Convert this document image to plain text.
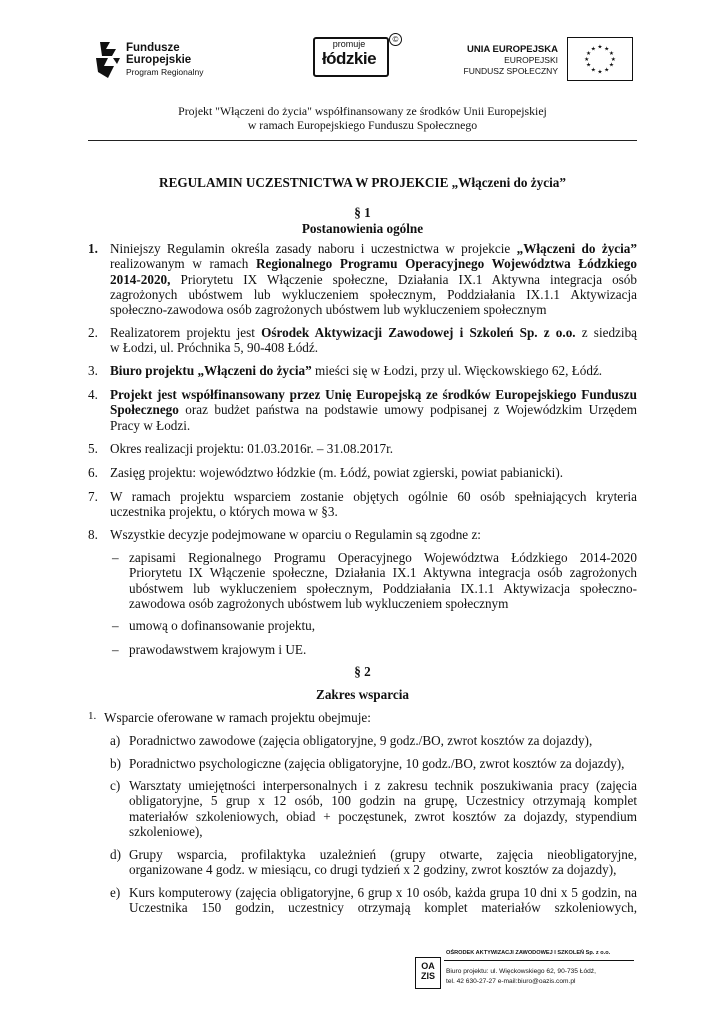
Fundusze
Europejskie
Program Regionalny
promuje
łódzkie
©
UNIA EUROPEJSKA
EUROPEJSKI
FUNDUSZ SPOŁECZNY
★ ★
★
★
★
★
★
★
★
★
★
★
Projekt "Włączeni do życia" współfinansowany ze środków Unii Europejskiej
w ramach Europejskiego Funduszu Społecznego
REGULAMIN UCZESTNICTWA W PROJEKCIE „Włączeni do życia”
§ 1
Postanowienia ogólne
1. Niniejszy Regulamin określa zasady naboru i uczestnictwa w projekcie „Włączeni do życia”
realizowanym w ramach Regionalnego Programu Operacyjnego Województwa Łódzkiego
2014-2020, Priorytetu IX Włączenie społeczne, Działania IX.1 Aktywna integracja osób
zagrożonych ubóstwem lub wykluczeniem społecznym, Poddziałania IX.1.1 Aktywizacja
społeczno-zawodowa osób zagrożonych ubóstwem lub wykluczeniem społecznym
2. Realizatorem projektu jest Ośrodek Aktywizacji Zawodowej i Szkoleń Sp. z o.o. z siedzibą
w Łodzi, ul. Próchnika 5, 90-408 Łódź.
3. Biuro projektu „Włączeni do życia” mieści się w Łodzi, przy ul. Więckowskiego 62, Łódź.
4. Projekt jest współfinansowany przez Unię Europejską ze środków Europejskiego Funduszu
Społecznego oraz budżet państwa na podstawie umowy podpisanej z Wojewódzkim Urzędem
Pracy w Łodzi.
5. Okres realizacji projektu: 01.03.2016r. – 31.08.2017r.
6. Zasięg projektu: województwo łódzkie (m. Łódź, powiat zgierski, powiat pabianicki).
7. W ramach projektu wsparciem zostanie objętych ogólnie 60 osób spełniających kryteria
uczestnika projektu, o których mowa w §3.
8. Wszystkie decyzje podejmowane w oparciu o Regulamin są zgodne z:
– zapisami Regionalnego Programu Operacyjnego Województwa Łódzkiego 2014-2020
Priorytetu IX Włączenie społeczne, Działania IX.1 Aktywna integracja osób zagrożonych
ubóstwem lub wykluczeniem społecznym, Poddziałania IX.1.1 Aktywizacja społeczno-
zawodowa osób zagrożonych ubóstwem lub wykluczeniem społecznym
– umową o dofinansowanie projektu,
– prawodawstwem krajowym i UE.
§ 2
Zakres wsparcia
1. Wsparcie oferowane w ramach projektu obejmuje:
a) Poradnictwo zawodowe (zajęcia obligatoryjne, 9 godz./BO, zwrot kosztów za dojazdy),
b) Poradnictwo psychologiczne (zajęcia obligatoryjne, 10 godz./BO, zwrot kosztów za dojazdy),
c) Warsztaty umiejętności interpersonalnych i z zakresu technik poszukiwania pracy (zajęcia
obligatoryjne, 5 grup x 12 osób, 100 godzin na grupę, Uczestnicy otrzymają komplet
materiałów szkoleniowych, obiad + poczęstunek, zwrot kosztów za dojazdy, stypendium
szkoleniowe),
d) Grupy wsparcia, profilaktyka uzależnień (grupy otwarte, zajęcia nieobligatoryjne,
organizowane 4 godz. w miesiącu, co drugi tydzień x 2 godziny, zwrot kosztów za dojazdy),
e) Kurs komputerowy (zajęcia obligatoryjne, 6 grup x 10 osób, każda grupa 10 dni x 5 godzin, na
Uczestnika 150 godzin, uczestnicy otrzymają komplet materiałów szkoleniowych,
OA
ZIS
OŚRODEK AKTYWIZACJI ZAWODOWEJ I SZKOLEŃ Sp. z o.o.
Biuro projektu: ul. Więckowskiego 62, 90-735 Łódź,
tel. 42 630-27-27 e-mail:biuro@oazis.com.pl
